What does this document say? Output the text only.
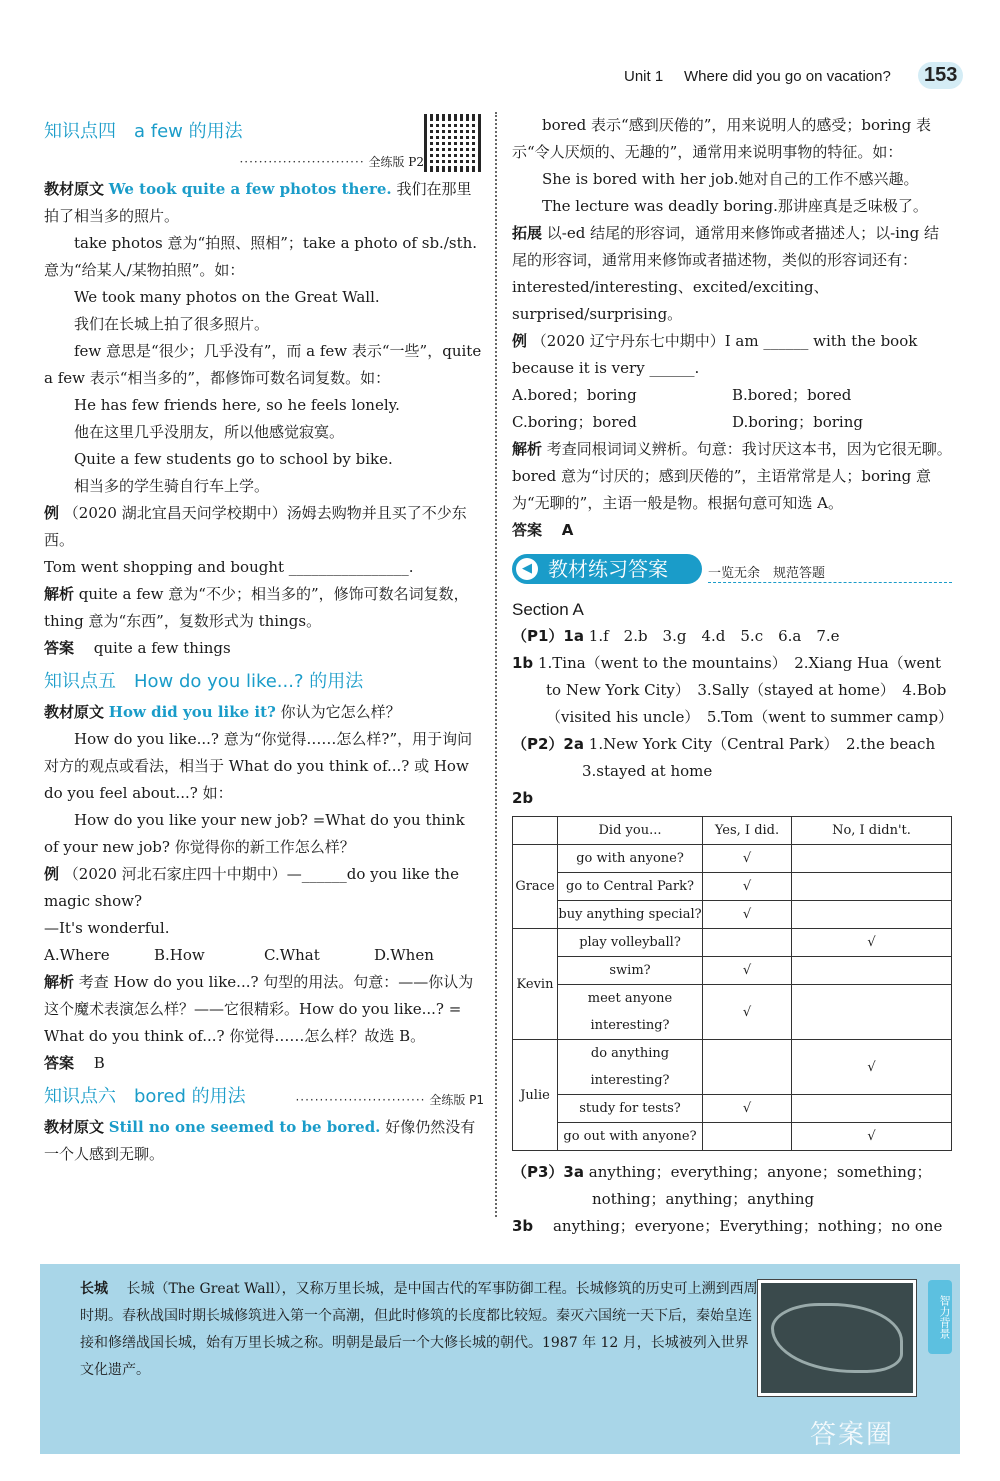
Unit 1 Where did you go on vacation?	153
知识点四　a few 的用法
·························· 全练版 P2

教材原文 We took quite a few photos there. 我们在那里拍了相当多的照片。

take photos 意为“拍照、照相”；take a photo of sb./sth. 意为“给某人/某物拍照”。如：

We took many photos on the Great Wall.

我们在长城上拍了很多照片。

few 意思是“很少；几乎没有”，而 a few 表示“一些”，quite a few 表示“相当多的”，都修饰可数名词复数。如：

He has few friends here, so he feels lonely.

他在这里几乎没朋友，所以他感觉寂寞。

Quite a few students go to school by bike.

相当多的学生骑自行车上学。

例 （2020 湖北宜昌天问学校期中）汤姆去购物并且买了不少东西。

Tom went shopping and bought ________________.

解析 quite a few 意为“不少；相当多的”，修饰可数名词复数，thing 意为“东西”，复数形式为 things。

答案　 quite a few things

知识点五　How do you like...? 的用法

教材原文 How did you like it? 你认为它怎么样？

How do you like...? 意为“你觉得……怎么样?”，用于询问对方的观点或看法，相当于 What do you think of...? 或 How do you feel about...? 如：

How do you like your new job? =What do you think of your new job? 你觉得你的新工作怎么样？

例 （2020 河北石家庄四十中期中）—______do you like the magic show?

—It's wonderful.

A.Where	B.How	C.What	D.When

解析 考查 How do you like...? 句型的用法。句意：——你认为这个魔术表演怎么样？——它很精彩。How do you like...? = What do you think of...? 你觉得……怎么样？故选 B。

答案　 B

知识点六　bored 的用法	··························· 全练版 P1

教材原文 Still no one seemed to be bored. 好像仍然没有一个人感到无聊。

bored 表示“感到厌倦的”，用来说明人的感受；boring 表示“令人厌烦的、无趣的”，通常用来说明事物的特征。如：

She is bored with her job.她对自己的工作不感兴趣。

The lecture was deadly boring.那讲座真是乏味极了。

拓展 以-ed 结尾的形容词，通常用来修饰或者描述人；以-ing 结尾的形容词，通常用来修饰或者描述物，类似的形容词还有：interested/interesting、excited/exciting、surprised/surprising。

例 （2020 辽宁丹东七中期中）I am ______ with the book because it is very ______.

A.bored；boring	B.bored；bored
C.boring；bored	D.boring；boring

解析 考查同根词词义辨析。句意：我讨厌这本书，因为它很无聊。bored 意为“讨厌的；感到厌倦的”，主语常常是人；boring 意为“无聊的”，主语一般是物。根据句意可知选 A。

答案　 A

◀ 教材练习答案	一览无余　规范答题

Section A

（P1）1a 1.f　2.b　3.g　4.d　5.c　6.a　7.e

1b 1.Tina（went to the mountains）　2.Xiang Hua（went to New York City）　3.Sally（stayed at home）　4.Bob（visited his uncle）　5.Tom（went to summer camp）

（P2）2a 1.New York City（Central Park）　2.the beach　3.stayed at home

2b

	Did you...	Yes, I did.	No, I didn't.
Grace	go with anyone?	√	
	go to Central Park?	√	
	buy anything special?	√	
Kevin	play volleyball?		√
	swim?	√	
	meet anyone interesting?	√	
Julie	do anything interesting?		√
	study for tests?	√	
	go out with anyone?		√

（P3）3a anything；everything；anyone；something；nothing；anything；anything

3b　 anything；everyone；Everything；nothing；no one

长城　 长城（The Great Wall），又称万里长城，是中国古代的军事防御工程。长城修筑的历史可上溯到西周时期。春秋战国时期长城修筑进入第一个高潮，但此时修筑的长度都比较短。秦灭六国统一天下后，秦始皇连接和修缮战国长城，始有万里长城之称。明朝是最后一个大修长城的朝代。1987 年 12 月，长城被列入世界文化遗产。
智力背景
答案圈 MXQE.COM
